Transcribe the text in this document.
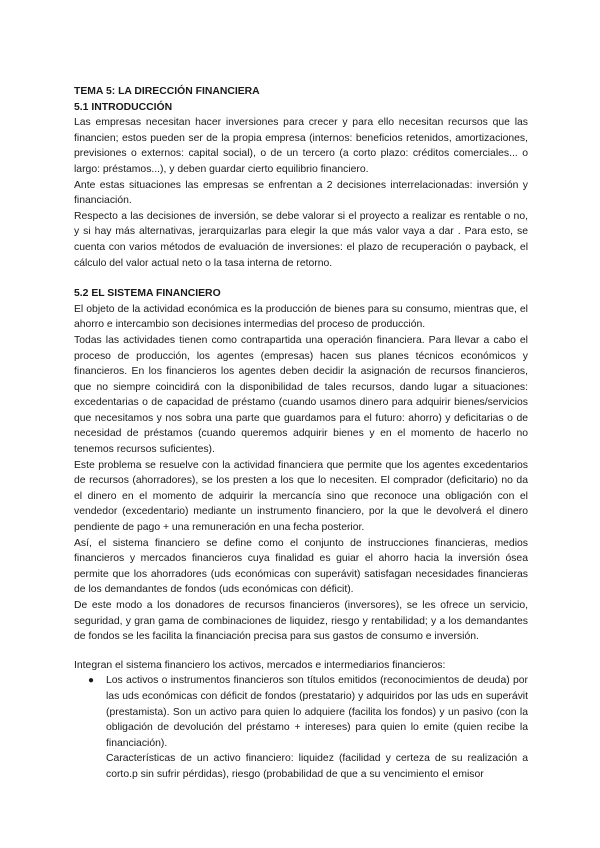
TEMA 5: LA DIRECCIÓN FINANCIERA

5.1 INTRODUCCIÓN

Las empresas necesitan hacer inversiones para crecer y para ello necesitan recursos que las financien; estos pueden ser de la propia empresa (internos: beneficios retenidos, amortizaciones, previsiones o externos: capital social), o de un tercero (a corto plazo: créditos comerciales... o largo: préstamos...), y deben guardar cierto equilibrio financiero.

Ante estas situaciones las empresas se enfrentan a 2 decisiones interrelacionadas: inversión y financiación.

Respecto a las decisiones de inversión, se debe valorar si el proyecto a realizar es rentable o no, y si hay más alternativas, jerarquizarlas para elegir la que más valor vaya a dar . Para esto, se cuenta con varios métodos de evaluación de inversiones: el plazo de recuperación o payback, el cálculo del valor actual neto o la tasa interna de retorno.

5.2 EL SISTEMA FINANCIERO

El objeto de la actividad económica es la producción de bienes para su consumo, mientras que, el ahorro e intercambio son decisiones intermedias del proceso de producción.

Todas las actividades tienen como contrapartida una operación financiera. Para llevar a cabo el proceso de producción, los agentes (empresas) hacen sus planes técnicos económicos y financieros. En los financieros los agentes deben decidir la asignación de recursos financieros, que no siempre coincidirá con la disponibilidad de tales recursos, dando lugar a situaciones: excedentarias o de capacidad de préstamo (cuando usamos dinero para adquirir bienes/servicios que necesitamos y nos sobra una parte que guardamos para el futuro: ahorro) y deficitarias o de necesidad de préstamos (cuando queremos adquirir bienes y en el momento de hacerlo no tenemos recursos suficientes).

Este problema se resuelve con la actividad financiera que permite que los agentes excedentarios de recursos (ahorradores), se los presten a los que lo necesiten. El comprador (deficitario) no da el dinero en el momento de adquirir la mercancía sino que reconoce una obligación con el vendedor (excedentario) mediante un instrumento financiero, por la que le devolverá el dinero pendiente de pago + una remuneración en una fecha posterior.

Así, el sistema financiero se define como el conjunto de instrucciones financieras, medios financieros y mercados financieros cuya finalidad es guiar el ahorro hacia la inversión ósea permite que los ahorradores (uds económicas con superávit) satisfagan necesidades financieras de los demandantes de fondos (uds económicas con déficit).

De este modo a los donadores de recursos financieros (inversores), se les ofrece un servicio, seguridad, y gran gama de combinaciones de liquidez, riesgo y rentabilidad; y a los demandantes de fondos se les facilita la financiación precisa para sus gastos de consumo e inversión.

Integran el sistema financiero los activos, mercados e intermediarios financieros:

● Los activos o instrumentos financieros son títulos emitidos (reconocimientos de deuda) por las uds económicas con déficit de fondos (prestatario) y adquiridos por las uds en superávit (prestamista). Son un activo para quien lo adquiere (facilita los fondos) y un pasivo (con la obligación de devolución del préstamo + intereses) para quien lo emite (quien recibe la financiación).

Características de un activo financiero: liquidez (facilidad y certeza de su realización a corto.p sin sufrir pérdidas), riesgo (probabilidad de que a su vencimiento el emisor
